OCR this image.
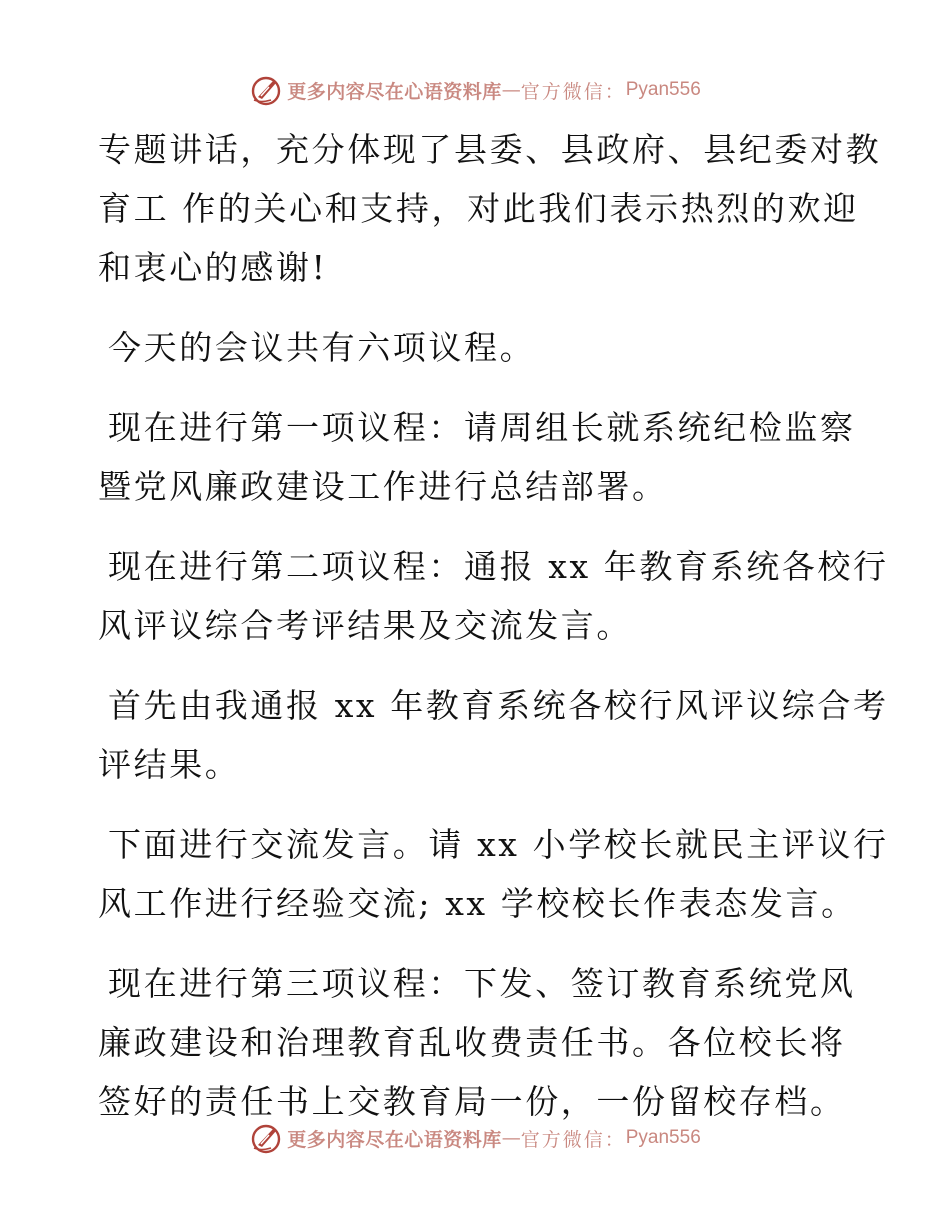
更多内容尽在心语资料库 — 官方微信： Pyan556

专题讲话，充分体现了县委、县政府、县纪委对教
育工 作的关心和支持，对此我们表示热烈的欢迎
和衷心的感谢!

今天的会议共有六项议程。

现在进行第一项议程：请周组长就系统纪检监察
暨党风廉政建设工作进行总结部署。

现在进行第二项议程：通报 xx 年教育系统各校行
风评议综合考评结果及交流发言。

首先由我通报 xx 年教育系统各校行风评议综合考
评结果。

下面进行交流发言。请 xx 小学校长就民主评议行
风工作进行经验交流; xx 学校校长作表态发言。

现在进行第三项议程：下发、签订教育系统党风
廉政建设和治理教育乱收费责任书。各位校长将
签好的责任书上交教育局一份，一份留校存档。

更多内容尽在心语资料库 — 官方微信： Pyan556
